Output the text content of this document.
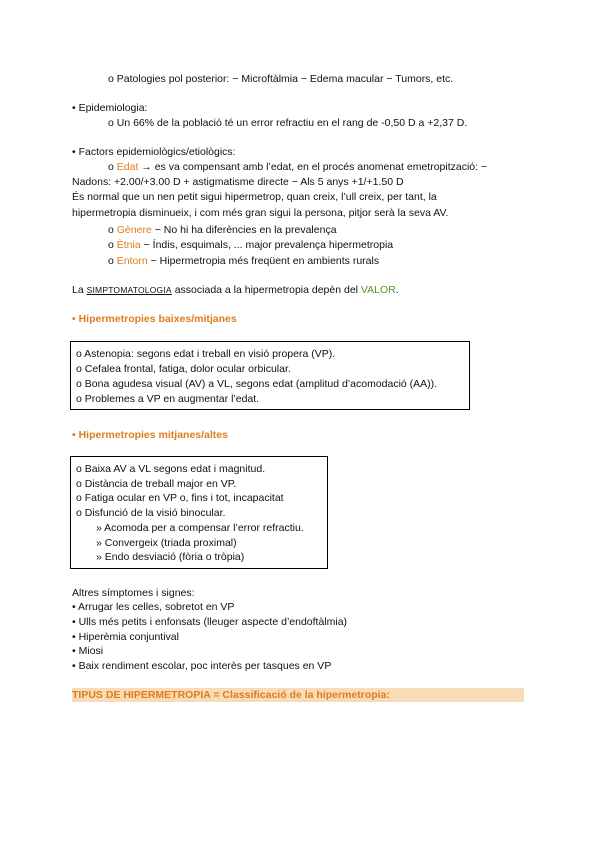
o Patologies pol posterior: − Microftàlmia − Edema macular − Tumors, etc.
• Epidemiologia:
o Un 66% de la població té un error refractiu en el rang de -0,50 D a +2,37 D.
• Factors epidemiològics/etiològics:
o Edat → es va compensant amb l’edat, en el procés anomenat emetropització: −
Nadons: +2.00/+3.00 D + astigmatisme directe − Als 5 anys +1/+1.50 D
És normal que un nen petit sigui hipermetrop, quan creix, l’ull creix, per tant, la
hipermetropia disminueix, i com més gran sigui la persona, pitjor serà la seva AV.
o Gènere − No hi ha diferències en la prevalença
o Ètnia − Índis, esquimals, ... major prevalença hipermetropia
o Entorn − Hipermetropia més freqüent en ambients rurals
La SIMPTOMATOLOGIA associada a la hipermetropia depèn del VALOR.
• Hipermetropies baixes/mitjanes
o Astenopia: segons edat i treball en visió propera (VP).
o Cefalea frontal, fatiga, dolor ocular orbicular.
o Bona agudesa visual (AV) a VL, segons edat (amplitud d’acomodació (AA)).
o Problemes a VP en augmentar l’edat.
• Hipermetropies mitjanes/altes
o Baixa AV a VL segons edat i magnitud.
o Distància de treball major en VP.
o Fatiga ocular en VP o, fins i tot, incapacitat
o Disfunció de la visió binocular.
» Acomoda per a compensar l’error refractiu.
» Convergeix (triada proximal)
» Endo desviació (fòria o tròpia)
Altres símptomes i signes:
• Arrugar les celles, sobretot en VP
• Ulls més petits i enfonsats (lleuger aspecte d’endoftàlmia)
• Hiperèmia conjuntival
• Miosi
• Baix rendiment escolar, poc interès per tasques en VP
TIPUS DE HIPERMETROPIA = Classificació de la hipermetropia:
